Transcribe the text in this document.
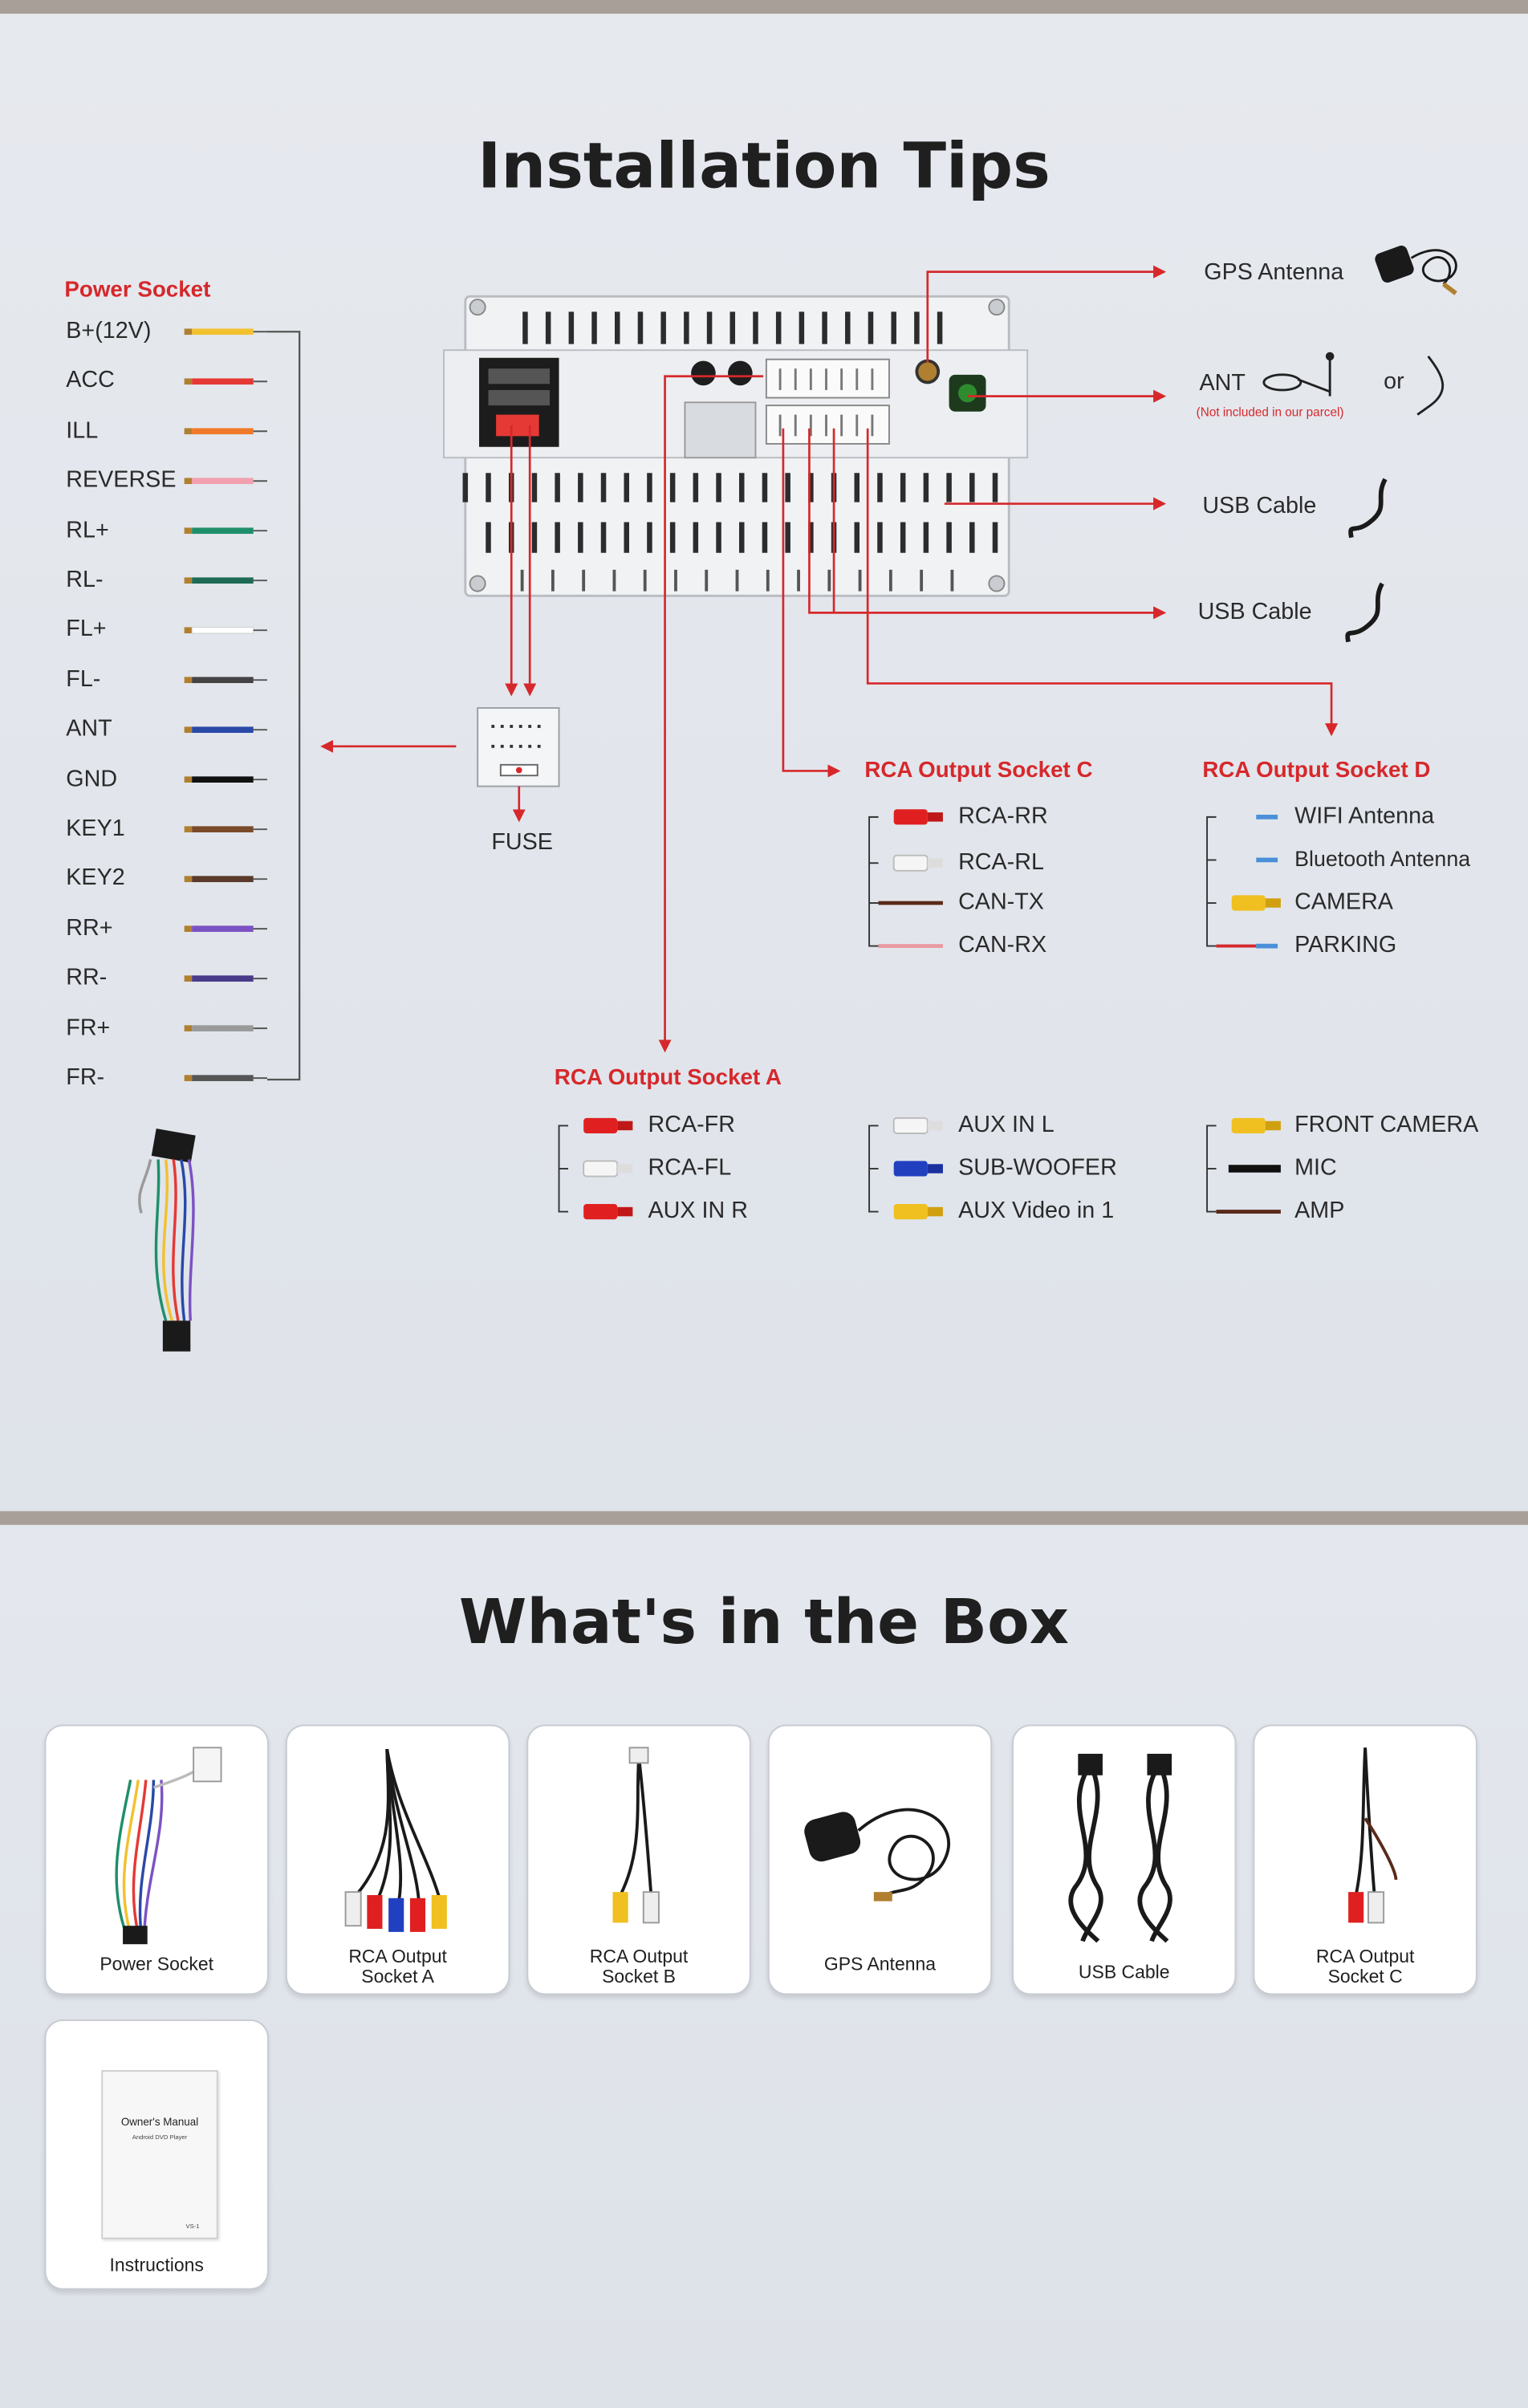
Installation Tips
Power Socket
B+(12V)
ACC
ILL
REVERSE
RL+
RL-
FL+
FL-
ANT
GND
KEY1
KEY2
RR+
RR-
FR+
FR-
FUSE
GPS Antenna
ANT	or
(Not included in our parcel)
USB Cable
USB Cable
RCA Output Socket C
RCA-RR
RCA-RL
CAN-TX
CAN-RX
RCA Output Socket D
WIFI Antenna
Bluetooth Antenna
CAMERA
PARKING
RCA Output Socket A
RCA-FR
RCA-FL
AUX IN R
AUX IN L
SUB-WOOFER
AUX Video in 1
FRONT CAMERA
MIC
AMP
What's in the Box
Power Socket	RCA Output
Socket A
RCA Output
Socket B
GPS Antenna	USB Cable
RCA Output
Socket C
Owner's Manual
Android DVD Player
VS-1
Instructions
